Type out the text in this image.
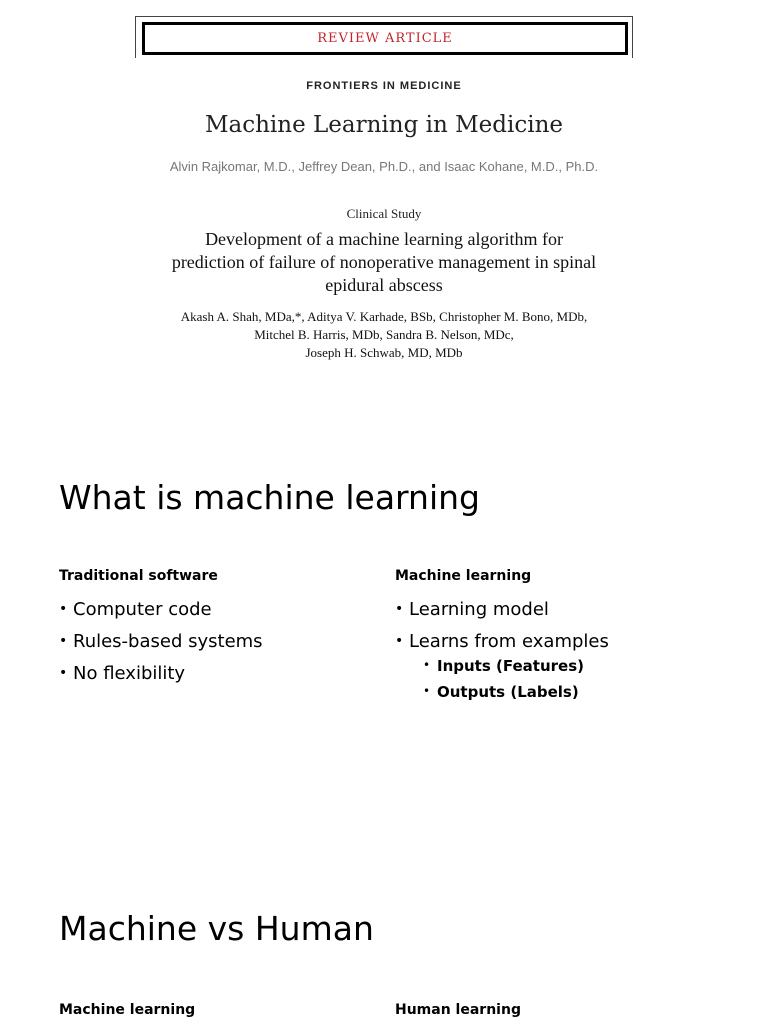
REVIEW ARTICLE
FRONTIERS IN MEDICINE
Machine Learning in Medicine
Alvin Rajkomar, M.D., Jeffrey Dean, Ph.D., and Isaac Kohane, M.D., Ph.D.
Clinical Study
Development of a machine learning algorithm for
prediction of failure of nonoperative management in spinal
epidural abscess
Akash A. Shah, MDa,*, Aditya V. Karhade, BSb, Christopher M. Bono, MDb,
Mitchel B. Harris, MDb, Sandra B. Nelson, MDc,
Joseph H. Schwab, MD, MDb
What is machine learning
Traditional software
• Computer code
• Rules-based systems
• No flexibility
Machine learning
• Learning model
• Learns from examples
• Inputs (Features)
• Outputs (Labels)
Machine vs Human
Machine learning	Human learning
